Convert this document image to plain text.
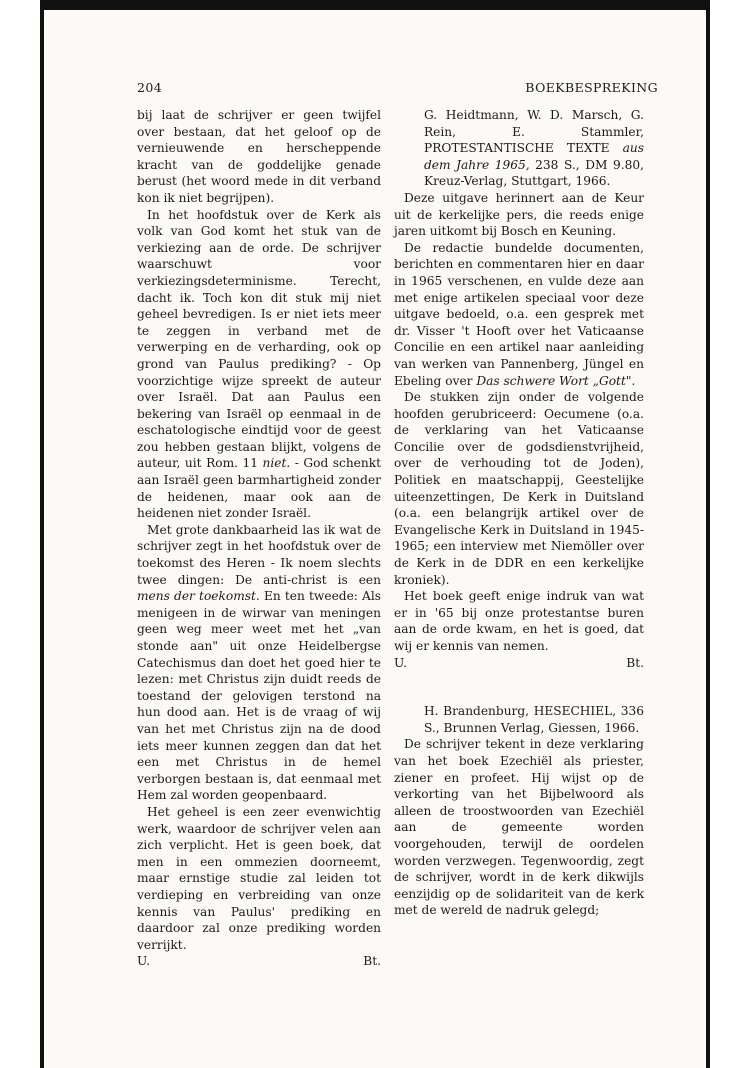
204	BOEKBESPREKING

bij laat de schrijver er geen twijfel over bestaan, dat het geloof op de vernieuwende en herscheppende kracht van de goddelijke genade berust (het woord mede in dit verband kon ik niet begrijpen).

In het hoofdstuk over de Kerk als volk van God komt het stuk van de verkiezing aan de orde. De schrijver waarschuwt voor verkiezingsdeterminisme. Terecht, dacht ik. Toch kon dit stuk mij niet geheel bevredigen. Is er niet iets meer te zeggen in verband met de verwerping en de verharding, ook op grond van Paulus prediking? - Op voorzichtige wijze spreekt de auteur over Israël. Dat aan Paulus een bekering van Israël op eenmaal in de eschatologische eindtijd voor de geest zou hebben gestaan blijkt, volgens de auteur, uit Rom. 11 niet. - God schenkt aan Israël geen barmhartigheid zonder de heidenen, maar ook aan de heidenen niet zonder Israël.

Met grote dankbaarheid las ik wat de schrijver zegt in het hoofdstuk over de toekomst des Heren - Ik noem slechts twee dingen: De anti-christ is een mens der toekomst. En ten tweede: Als menigeen in de wirwar van meningen geen weg meer weet met het „van stonde aan" uit onze Heidelbergse Catechismus dan doet het goed hier te lezen: met Christus zijn duidt reeds de toestand der gelovigen terstond na hun dood aan. Het is de vraag of wij van het met Christus zijn na de dood iets meer kunnen zeggen dan dat het een met Christus in de hemel verborgen bestaan is, dat eenmaal met Hem zal worden geopenbaard.

Het geheel is een zeer evenwichtig werk, waardoor de schrijver velen aan zich verplicht. Het is geen boek, dat men in een ommezien doorneemt, maar ernstige studie zal leiden tot verdieping en verbreiding van onze kennis van Paulus' prediking en daardoor zal onze prediking worden verrijkt.

U.	Bt.

G. Heidtmann, W. D. Marsch, G. Rein, E. Stammler, PROTESTANTISCHE TEXTE aus dem Jahre 1965, 238 S., DM 9.80, Kreuz-Verlag, Stuttgart, 1966.

Deze uitgave herinnert aan de Keur uit de kerkelijke pers, die reeds enige jaren uitkomt bij Bosch en Keuning.

De redactie bundelde documenten, berichten en commentaren hier en daar in 1965 verschenen, en vulde deze aan met enige artikelen speciaal voor deze uitgave bedoeld, o.a. een gesprek met dr. Visser 't Hooft over het Vaticaanse Concilie en een artikel naar aanleiding van werken van Pannenberg, Jüngel en Ebeling over Das schwere Wort „Gott".

De stukken zijn onder de volgende hoofden gerubriceerd: Oecumene (o.a. de verklaring van het Vaticaanse Concilie over de godsdienstvrijheid, over de verhouding tot de Joden), Politiek en maatschappij, Geestelijke uiteenzettingen, De Kerk in Duitsland (o.a. een belangrijk artikel over de Evangelische Kerk in Duitsland in 1945-1965; een interview met Niemöller over de Kerk in de DDR en een kerkelijke kroniek).

Het boek geeft enige indruk van wat er in '65 bij onze protestantse buren aan de orde kwam, en het is goed, dat wij er kennis van nemen.

U.	Bt.

H. Brandenburg, HESECHIEL, 336 S., Brunnen Verlag, Giessen, 1966.

De schrijver tekent in deze verklaring van het boek Ezechiël als priester, ziener en profeet. Hij wijst op de verkorting van het Bijbelwoord als alleen de troostwoorden van Ezechiël aan de gemeente worden voorgehouden, terwijl de oordelen worden verzwegen. Tegenwoordig, zegt de schrijver, wordt in de kerk dikwijls eenzijdig op de solidariteit van de kerk met de wereld de nadruk gelegd;
